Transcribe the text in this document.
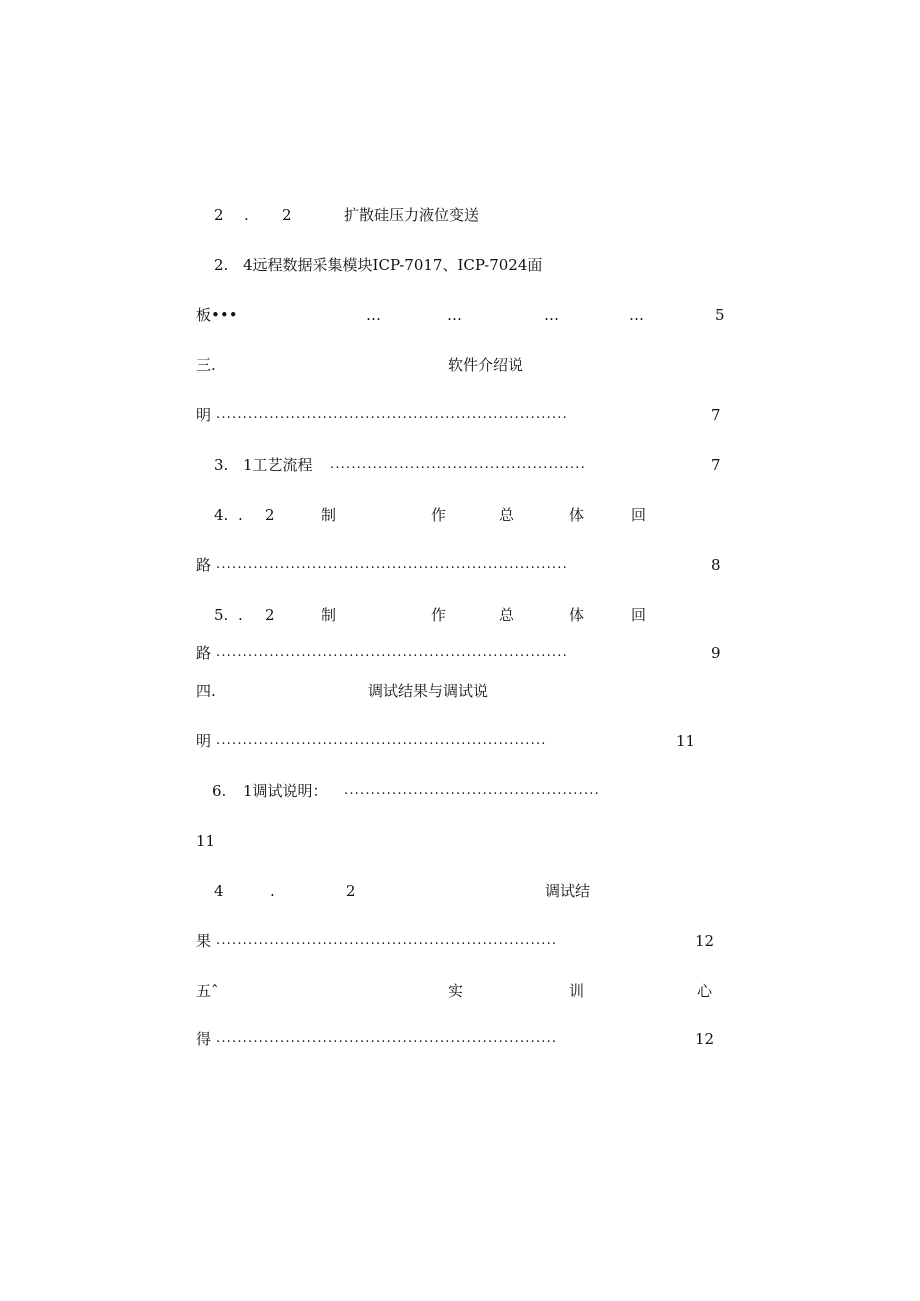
2 . 2	扩散硅压力液位变送
2. 4远程数据采集模块ICP-7017、ICP-7024面
板•••	…	…	…	…	5
三.	软件介绍说
明 ..................................................................	7
3. 1工艺流程 ................................................	7
4. . 2	制	作	总	体	回
路 ..................................................................	8
5. . 2	制	作	总	体	回
路 ..................................................................	9
四.	调试结果与调试说
明 ..............................................................	11
6. 1调试说明： ................................................
11
4	.	2	调试结
果 ................................................................	12
五ˆ	实	训	心
得 ................................................................	12
